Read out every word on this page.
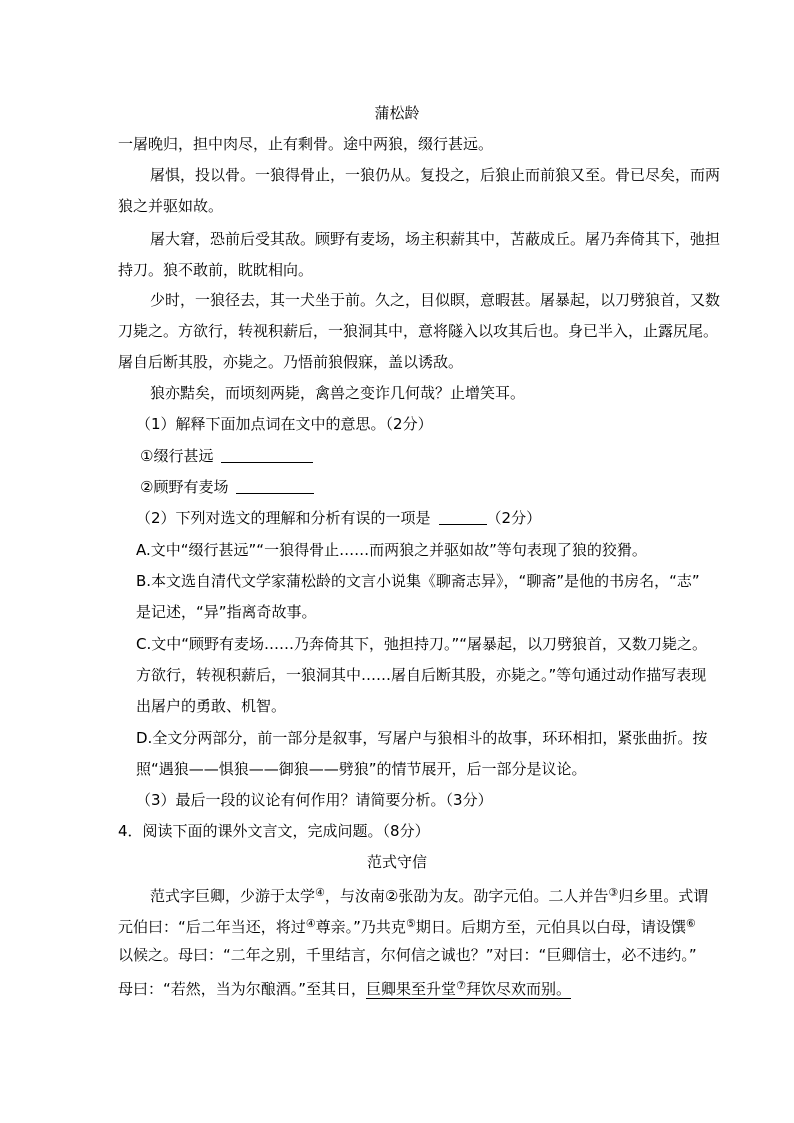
蒲松龄
一屠晚归，担中肉尽，止有剩骨。途中两狼，缀行甚远。
屠惧，投以骨。一狼得骨止，一狼仍从。复投之，后狼止而前狼又至。骨已尽矣，而两
狼之并驱如故。
屠大窘，恐前后受其敌。顾野有麦场，场主积薪其中，苫蔽成丘。屠乃奔倚其下，弛担
持刀。狼不敢前，眈眈相向。
少时，一狼径去，其一犬坐于前。久之，目似瞑，意暇甚。屠暴起，以刀劈狼首，又数
刀毙之。方欲行，转视积薪后，一狼洞其中，意将隧入以攻其后也。身已半入，止露尻尾。
屠自后断其股，亦毙之。乃悟前狼假寐，盖以诱敌。
狼亦黠矣，而顷刻两毙，禽兽之变诈几何哉？止增笑耳。
（1）解释下面加点词在文中的意思。（2分）
①缀行甚远
②顾野有麦场
（2）下列对选文的理解和分析有误的一项是	（2分）
A.文中“缀行甚远”“一狼得骨止……而两狼之并驱如故”等句表现了狼的狡猾。
B.本文选自清代文学家蒲松龄的文言小说集《聊斋志异》，“聊斋”是他的书房名，“志”
是记述，“异”指离奇故事。
C.文中“顾野有麦场……乃奔倚其下，弛担持刀。”“屠暴起，以刀劈狼首，又数刀毙之。
方欲行，转视积薪后，一狼洞其中……屠自后断其股，亦毙之。”等句通过动作描写表现
出屠户的勇敢、机智。
D.全文分两部分，前一部分是叙事，写屠户与狼相斗的故事，环环相扣，紧张曲折。按
照“遇狼——惧狼——御狼——劈狼”的情节展开，后一部分是议论。
（3）最后一段的议论有何作用？请简要分析。（3分）
4．阅读下面的课外文言文，完成问题。（8分）
范式守信
范式字巨卿，少游于太学④，与汝南②张劭为友。劭字元伯。二人并告③归乡里。式谓
元伯曰：“后二年当还，将过④尊亲。”乃共克⑤期日。后期方至，元伯具以白母，请设馔⑥
以候之。母曰：“二年之别，千里结言，尔何信之诚也？”对曰：“巨卿信士，必不违约。”
母曰：“若然，当为尔酿酒。”至其日，巨卿果至升堂⑦拜饮尽欢而别。
